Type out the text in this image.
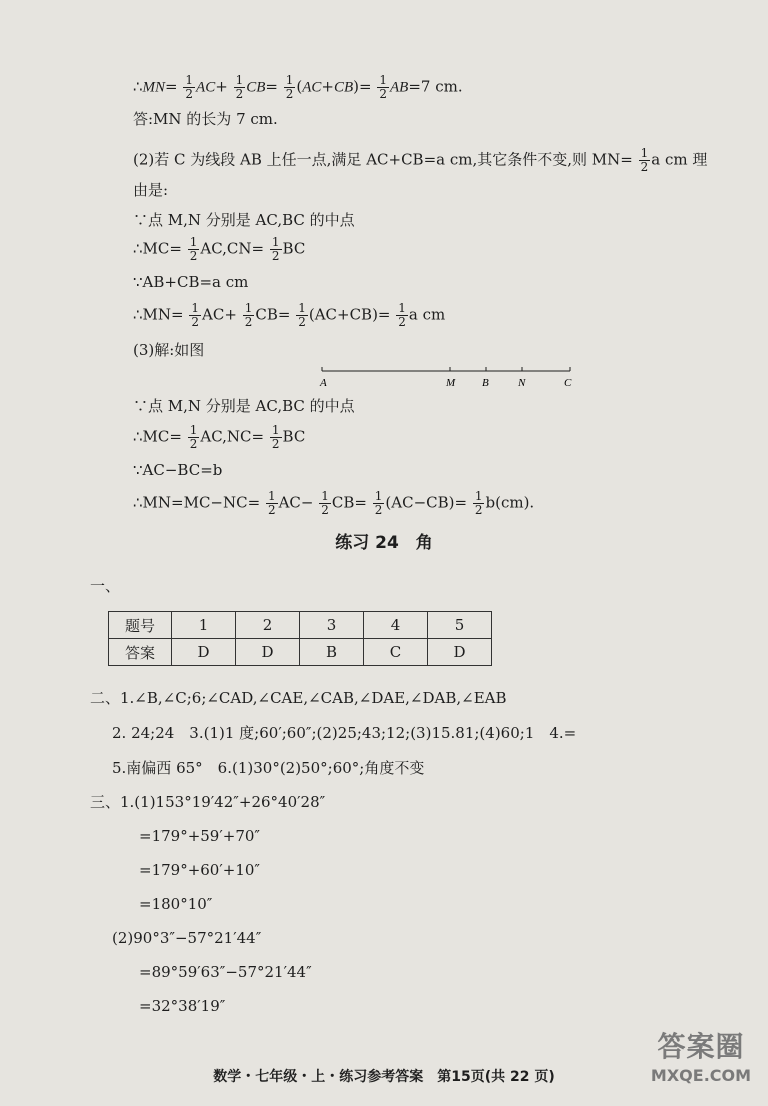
∴MN= $\frac{1}{2} AC+ \frac{1}{2} CB= \frac{1}{2} (AC+CB)= \frac{1}{2} AB=7$ cm.
答:MN 的长为 7 cm.
(2)若 C 为线段 AB 上任一点,满足 AC+CB=a cm,其它条件不变,则 $MN= \frac{1}{2}$ a cm 理
由是:
∵点 M,N 分别是 AC,BC 的中点
∴MC= $\frac{1}{2} AC,CN= \frac{1}{2}$ BC
∵AB+CB=a cm
∴MN= $\frac{1}{2} AC+ \frac{1}{2} CB= \frac{1}{2} (AC+CB)= \frac{1}{2}$ a cm
(3)解:如图
A	M B	N	C
∵点 M,N 分别是 AC,BC 的中点
∴MC= $\frac{1}{2} AC,NC= \frac{1}{2}$ BC
∵AC−BC=b
∴MN=MC−NC= $\frac{1}{2} AC- \frac{1}{2} CB= \frac{1}{2} (AC-CB)= \frac{1}{2} b(cm)$.
练习 24　角
一、
题号	1	2	3	4	5
答案	D	D	B	C	D
二、1.∠B,∠C;6;∠CAD,∠CAE,∠CAB,∠DAE,∠DAB,∠EAB
2. 24;24　3.(1)1 度;60′;60″;(2)25;43;12;(3)15.81;(4)60;1　4.=
5.南偏西 65°　6.(1)30°(2)50°;60°;角度不变
三、1.(1)153°19′42″+26°40′28″
=179°+59′+70″
=179°+60′+10″
=180°10″
(2)90°3″−57°21′44″
=89°59′63″−57°21′44″
=32°38′19″
数学・七年级・上・练习参考答案　第15页(共 22 页)
答案圈
MXQE.COM
